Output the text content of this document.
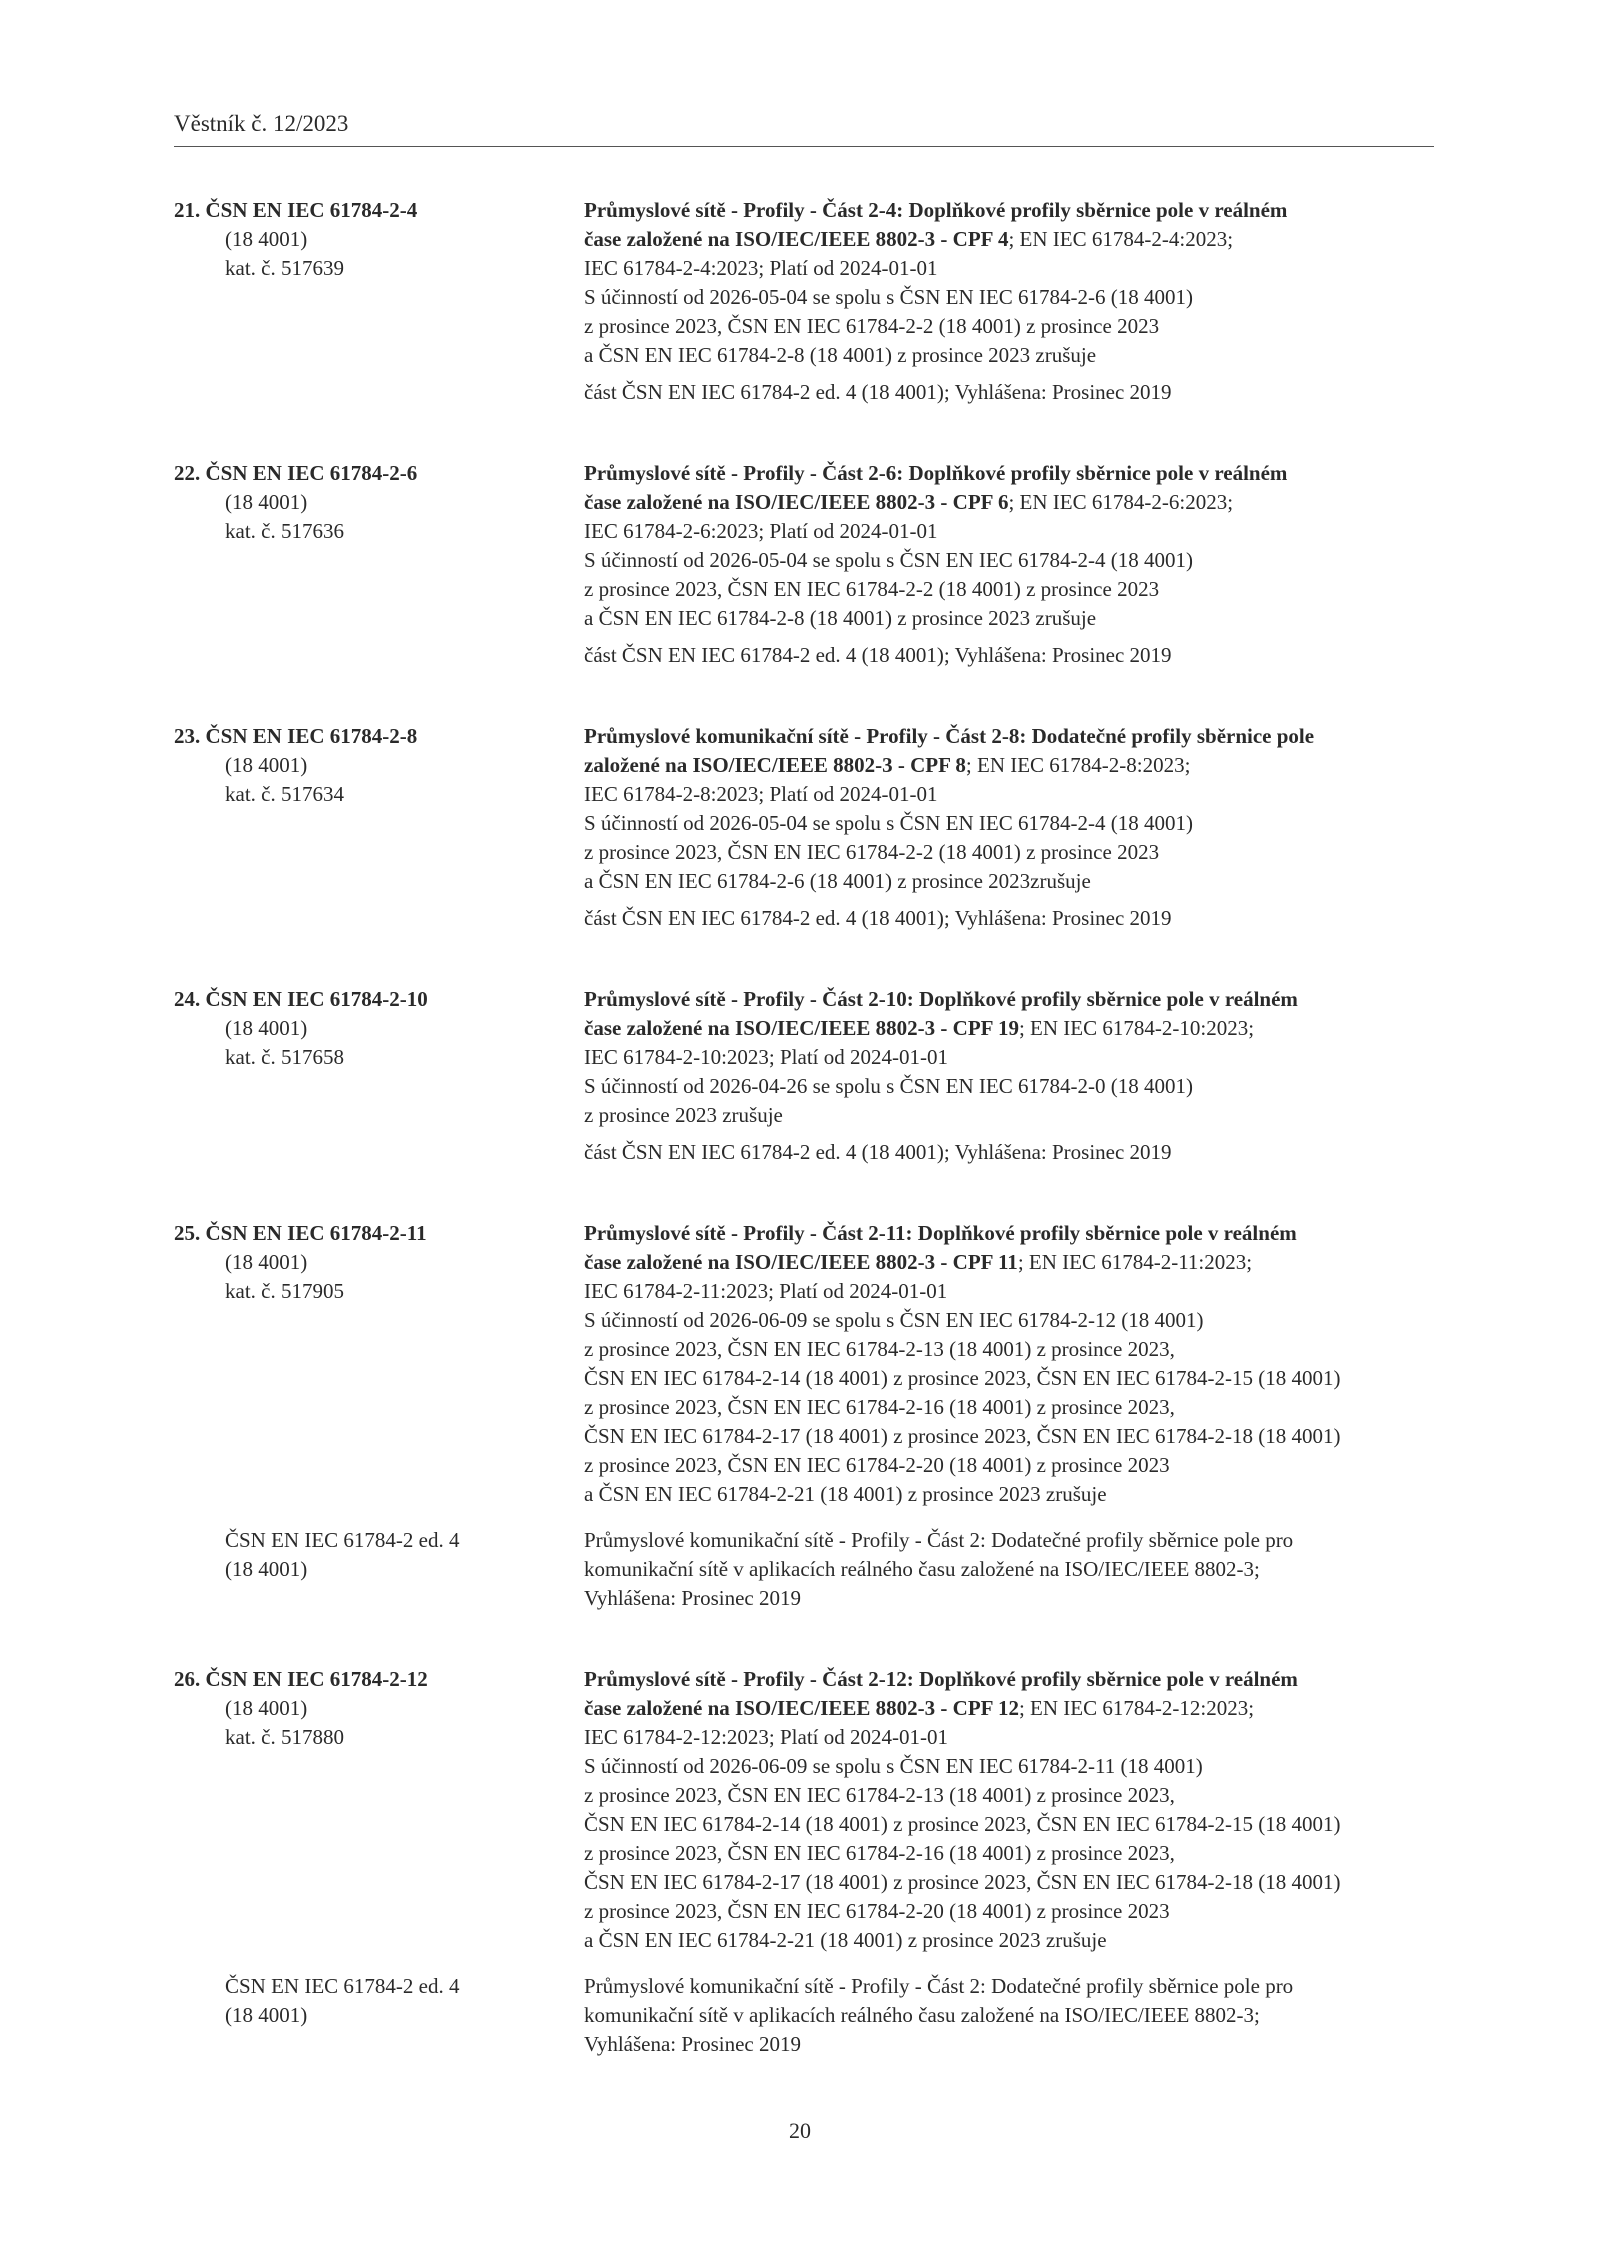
Věstník č. 12/2023
21. ČSN EN IEC 61784-2-4
(18 4001)
kat. č. 517639
Průmyslové sítě - Profily - Část 2-4: Doplňkové profily sběrnice pole v reálném
čase založené na ISO/IEC/IEEE 8802-3 - CPF 4; EN IEC 61784-2-4:2023;
IEC 61784-2-4:2023; Platí od 2024-01-01
S účinností od 2026-05-04 se spolu s ČSN EN IEC 61784-2-6 (18 4001)
z prosince 2023, ČSN EN IEC 61784-2-2 (18 4001) z prosince 2023
a ČSN EN IEC 61784-2-8 (18 4001) z prosince 2023 zrušuje
část ČSN EN IEC 61784-2 ed. 4 (18 4001); Vyhlášena: Prosinec 2019
22. ČSN EN IEC 61784-2-6
(18 4001)
kat. č. 517636
Průmyslové sítě - Profily - Část 2-6: Doplňkové profily sběrnice pole v reálném
čase založené na ISO/IEC/IEEE 8802-3 - CPF 6; EN IEC 61784-2-6:2023;
IEC 61784-2-6:2023; Platí od 2024-01-01
S účinností od 2026-05-04 se spolu s ČSN EN IEC 61784-2-4 (18 4001)
z prosince 2023, ČSN EN IEC 61784-2-2 (18 4001) z prosince 2023
a ČSN EN IEC 61784-2-8 (18 4001) z prosince 2023 zrušuje
část ČSN EN IEC 61784-2 ed. 4 (18 4001); Vyhlášena: Prosinec 2019
23. ČSN EN IEC 61784-2-8
(18 4001)
kat. č. 517634
Průmyslové komunikační sítě - Profily - Část 2-8: Dodatečné profily sběrnice pole
založené na ISO/IEC/IEEE 8802-3 - CPF 8; EN IEC 61784-2-8:2023;
IEC 61784-2-8:2023; Platí od 2024-01-01
S účinností od 2026-05-04 se spolu s ČSN EN IEC 61784-2-4 (18 4001)
z prosince 2023, ČSN EN IEC 61784-2-2 (18 4001) z prosince 2023
a ČSN EN IEC 61784-2-6 (18 4001) z prosince 2023zrušuje
část ČSN EN IEC 61784-2 ed. 4 (18 4001); Vyhlášena: Prosinec 2019
24. ČSN EN IEC 61784-2-10
(18 4001)
kat. č. 517658
Průmyslové sítě - Profily - Část 2-10: Doplňkové profily sběrnice pole v reálném
čase založené na ISO/IEC/IEEE 8802-3 - CPF 19; EN IEC 61784-2-10:2023;
IEC 61784-2-10:2023; Platí od 2024-01-01
S účinností od 2026-04-26 se spolu s ČSN EN IEC 61784-2-0 (18 4001)
z prosince 2023 zrušuje
část ČSN EN IEC 61784-2 ed. 4 (18 4001); Vyhlášena: Prosinec 2019
25. ČSN EN IEC 61784-2-11
(18 4001)
kat. č. 517905
Průmyslové sítě - Profily - Část 2-11: Doplňkové profily sběrnice pole v reálném
čase založené na ISO/IEC/IEEE 8802-3 - CPF 11; EN IEC 61784-2-11:2023;
IEC 61784-2-11:2023; Platí od 2024-01-01
S účinností od 2026-06-09 se spolu s ČSN EN IEC 61784-2-12 (18 4001)
z prosince 2023, ČSN EN IEC 61784-2-13 (18 4001) z prosince 2023,
ČSN EN IEC 61784-2-14 (18 4001) z prosince 2023, ČSN EN IEC 61784-2-15 (18 4001)
z prosince 2023, ČSN EN IEC 61784-2-16 (18 4001) z prosince 2023,
ČSN EN IEC 61784-2-17 (18 4001) z prosince 2023, ČSN EN IEC 61784-2-18 (18 4001)
z prosince 2023, ČSN EN IEC 61784-2-20 (18 4001) z prosince 2023
a ČSN EN IEC 61784-2-21 (18 4001) z prosince 2023 zrušuje
ČSN EN IEC 61784-2 ed. 4
(18 4001)
Průmyslové komunikační sítě - Profily - Část 2: Dodatečné profily sběrnice pole pro
komunikační sítě v aplikacích reálného času založené na ISO/IEC/IEEE 8802-3;
Vyhlášena: Prosinec 2019
26. ČSN EN IEC 61784-2-12
(18 4001)
kat. č. 517880
Průmyslové sítě - Profily - Část 2-12: Doplňkové profily sběrnice pole v reálném
čase založené na ISO/IEC/IEEE 8802-3 - CPF 12; EN IEC 61784-2-12:2023;
IEC 61784-2-12:2023; Platí od 2024-01-01
S účinností od 2026-06-09 se spolu s ČSN EN IEC 61784-2-11 (18 4001)
z prosince 2023, ČSN EN IEC 61784-2-13 (18 4001) z prosince 2023,
ČSN EN IEC 61784-2-14 (18 4001) z prosince 2023, ČSN EN IEC 61784-2-15 (18 4001)
z prosince 2023, ČSN EN IEC 61784-2-16 (18 4001) z prosince 2023,
ČSN EN IEC 61784-2-17 (18 4001) z prosince 2023, ČSN EN IEC 61784-2-18 (18 4001)
z prosince 2023, ČSN EN IEC 61784-2-20 (18 4001) z prosince 2023
a ČSN EN IEC 61784-2-21 (18 4001) z prosince 2023 zrušuje
ČSN EN IEC 61784-2 ed. 4
(18 4001)
Průmyslové komunikační sítě - Profily - Část 2: Dodatečné profily sběrnice pole pro
komunikační sítě v aplikacích reálného času založené na ISO/IEC/IEEE 8802-3;
Vyhlášena: Prosinec 2019
20
